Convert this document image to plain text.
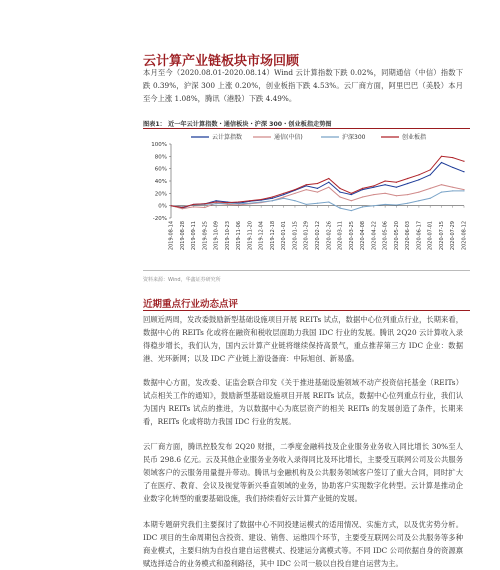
云计算产业链板块市场回顾
本月至今（2020.08.01-2020.08.14）Wind 云计算指数下跌 0.02%，同期通信（中信）指数下跌 0.39%，沪深 300 上涨 0.20%，创业板指下跌 4.53%。云厂商方面，阿里巴巴（美股）本月至今上涨 1.08%，腾讯（港股）下跌 4.49%。
图表1： 近一年云计算指数・通信板块・沪深 300・创业板指走势图
100%
80%
60%
40%
20%
0%
-20%
2019-08-14 2019-08-28 2019-09-11 2019-09-25 2019-10-09 2019-10-23 2019-11-06 2019-11-20 2019-12-04 2019-12-18 2020-01-01 2020-01-15 2020-01-29 2020-02-12 2020-02-26 2020-03-11 2020-03-25 2020-04-08 2020-04-22 2020-05-06 2020-05-20 2020-06-03 2020-06-17 2020-07-01 2020-07-15 2020-07-29 2020-08-12
云计算指数	通信(中信)	沪深300	创业板指
资料来源：Wind，华鑫证券研究所
近期重点行业动态点评
回顾近两周，发改委鼓励新型基础设施项目开展 REITs 试点，数据中心位列重点行业，长期来看，数据中心的 REITs 化或将在融资和税收层面助力我国 IDC 行业的发展。腾讯 2Q20 云计算收入录得稳步增长，我们认为，国内云计算产业链将继续保持高景气，重点推荐第三方 IDC 企业：数据港、光环新网；以及 IDC 产业链上游设备商：中际旭创、新易盛。
数据中心方面，发改委、证监会联合印发《关于推进基础设施领域不动产投资信托基金（REITs）试点相关工作的通知》，鼓励新型基础设施项目开展 REITs 试点，数据中心位列重点行业，我们认为国内 REITs 试点的推进，为以数据中心为底层资产的相关 REITs 的发展创造了条件，长期来看，REITs 化或将助力我国 IDC 行业的发展。
云厂商方面，腾讯控股发布 2Q20 财报，二季度金融科技及企业服务业务收入同比增长 30%至人民币 298.6 亿元。云及其他企业服务业务收入录得同比及环比增长，主要受互联网公司及公共服务领域客户的云服务用量提升带动。腾讯与金融机构及公共服务领域客户签订了重大合同，同时扩大了在医疗、教育、会议及视觉等新兴垂直领域的业务，协助客户实现数字化转型。云计算是推动企业数字化转型的重要基础设施，我们持续看好云计算产业链的发展。
本期专题研究我们主要探讨了数据中心不同投建运模式的适用情况、实施方式，以及优劣势分析。IDC 项目的生命周期包含投资、建设、销售、运维四个环节，主要受互联网公司及公共服务等多种商业模式，主要归纳为自投自建自运营模式、投建运分离模式等。不同 IDC 公司依据自身的资源禀赋选择适合的业务模式和盈利路径，其中 IDC 公司一般以自投自建自运营为主。
